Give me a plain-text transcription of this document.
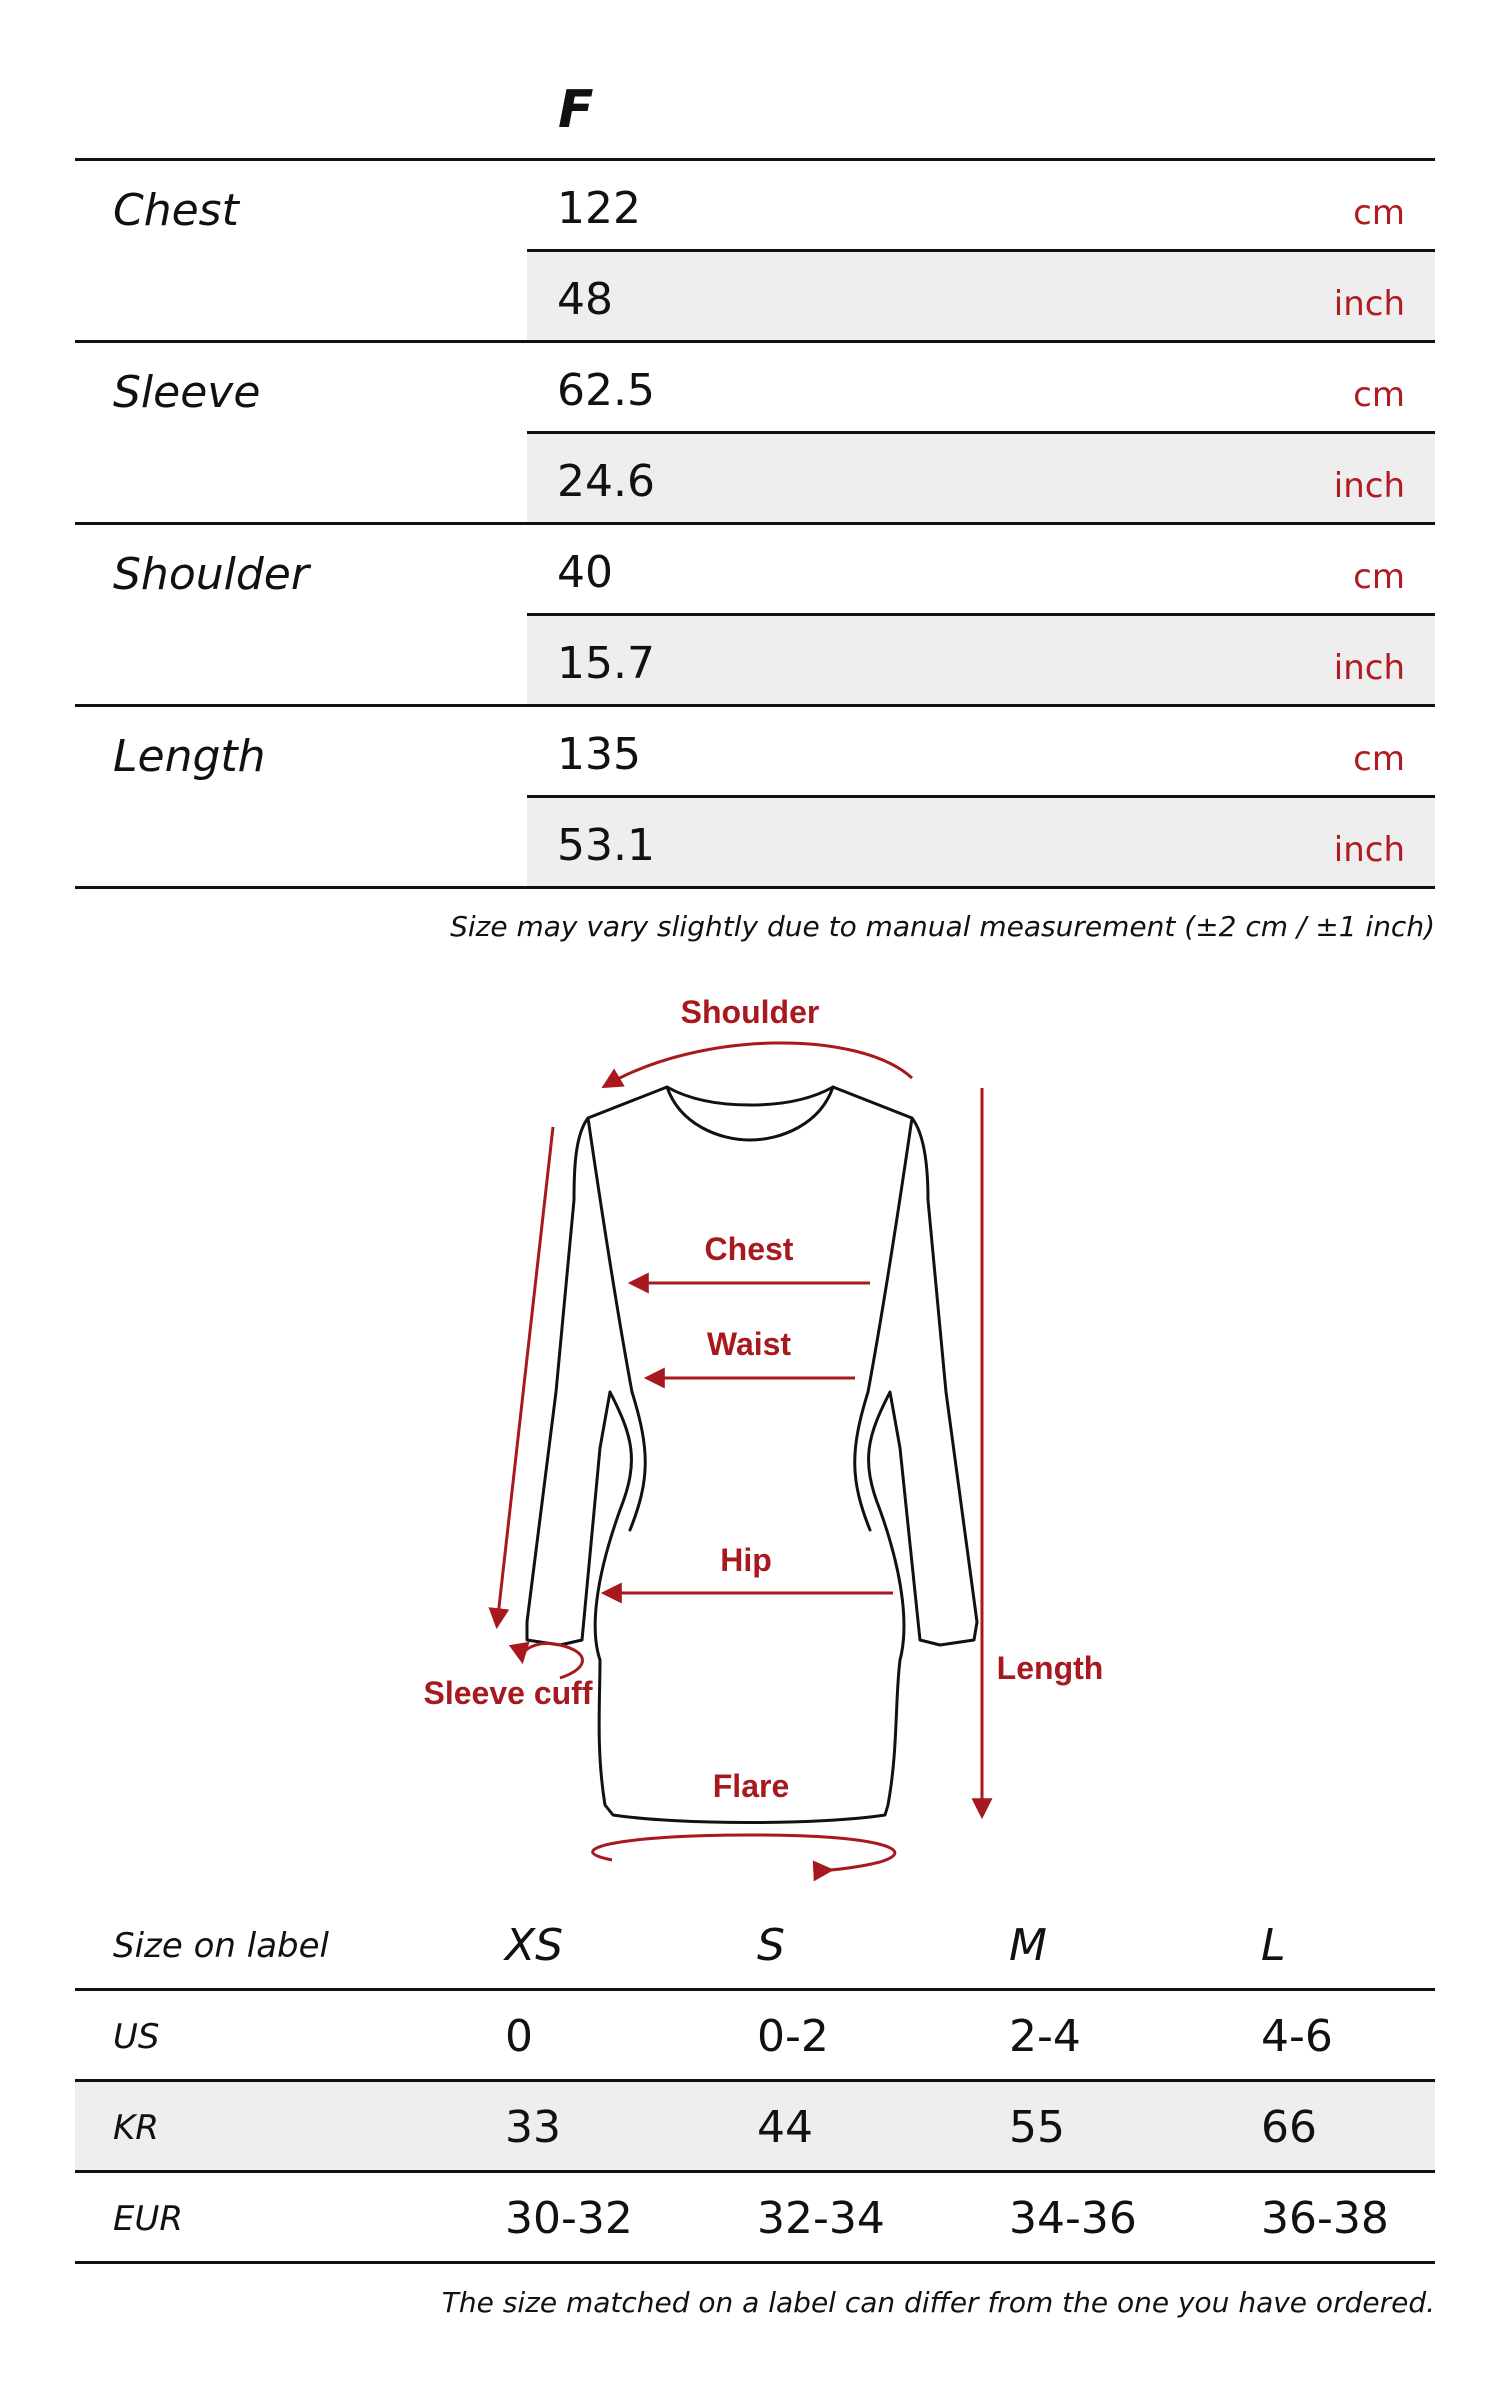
F
Chest	122	cm
48	inch
Sleeve	62.5	cm
24.6	inch
Shoulder	40	cm
15.7	inch
Length	135	cm
53.1	inch
Size may vary slightly due to manual measurement (±2 cm / ±1 inch)
Shoulder
Chest
Waist
Hip
Sleeve cuff
Flare
Length
Size on label	XS	S	M	L
US	0	0-2	2-4	4-6
KR	33	44	55	66
EUR	30-32	32-34	34-36	36-38
The size matched on a label can differ from the one you have ordered.
